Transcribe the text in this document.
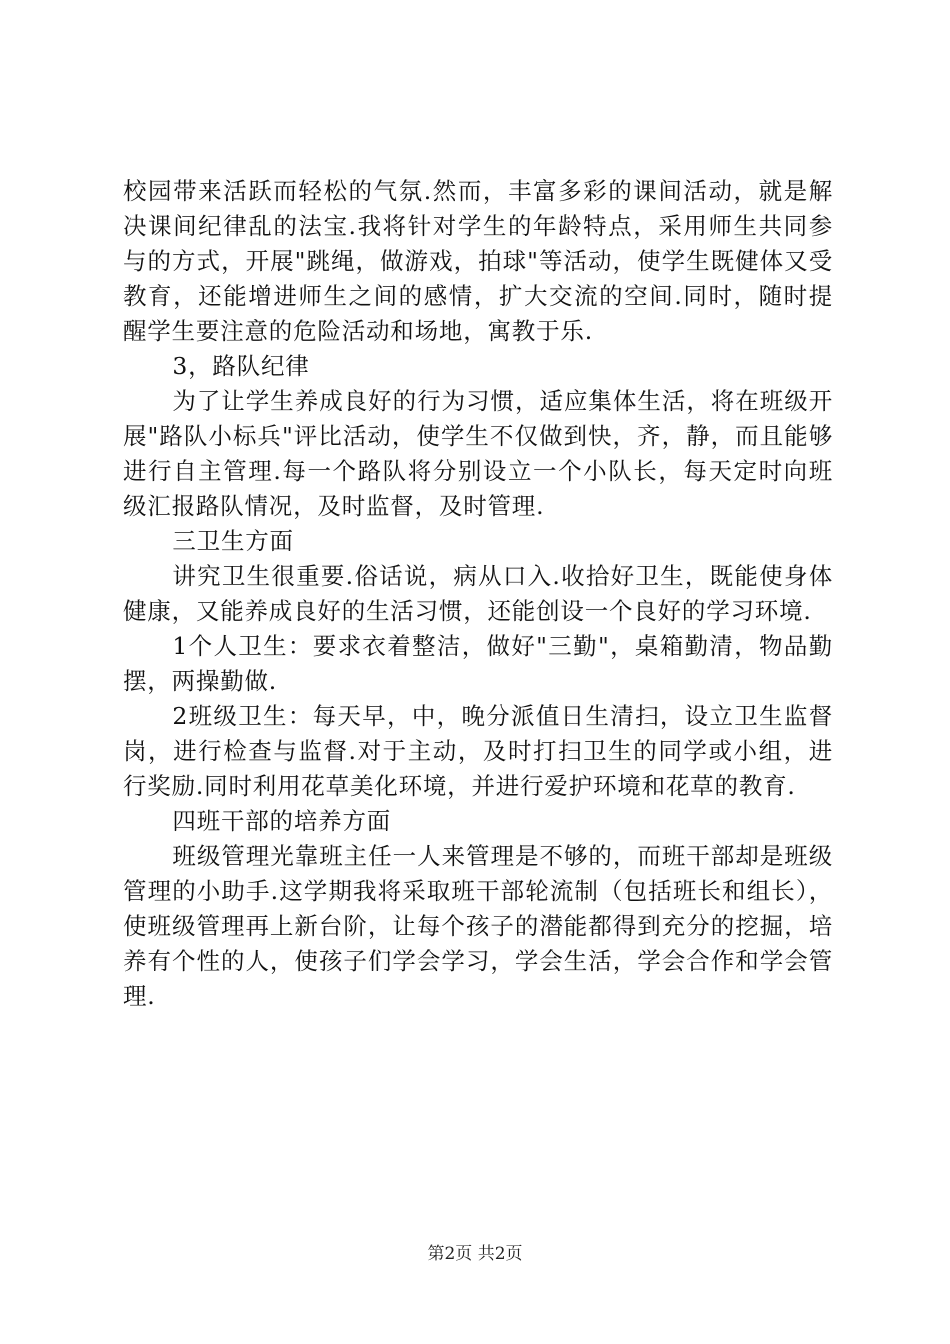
校园带来活跃而轻松的气氛.然而，丰富多彩的课间活动，就是解决课间纪律乱的法宝.我将针对学生的年龄特点，采用师生共同参与的方式，开展"跳绳，做游戏，拍球"等活动，使学生既健体又受教育，还能增进师生之间的感情，扩大交流的空间.同时，随时提醒学生要注意的危险活动和场地，寓教于乐.

3，路队纪律

为了让学生养成良好的行为习惯，适应集体生活，将在班级开展"路队小标兵"评比活动，使学生不仅做到快，齐，静，而且能够进行自主管理.每一个路队将分别设立一个小队长，每天定时向班级汇报路队情况，及时监督，及时管理.

三卫生方面

讲究卫生很重要.俗话说，病从口入.收拾好卫生，既能使身体健康，又能养成良好的生活习惯，还能创设一个良好的学习环境.

1个人卫生：要求衣着整洁，做好"三勤"，桌箱勤清，物品勤摆，两操勤做.

2班级卫生：每天早，中，晚分派值日生清扫，设立卫生监督岗，进行检查与监督.对于主动，及时打扫卫生的同学或小组，进行奖励.同时利用花草美化环境，并进行爱护环境和花草的教育.

四班干部的培养方面

班级管理光靠班主任一人来管理是不够的，而班干部却是班级管理的小助手.这学期我将采取班干部轮流制（包括班长和组长），使班级管理再上新台阶，让每个孩子的潜能都得到充分的挖掘，培养有个性的人，使孩子们学会学习，学会生活，学会合作和学会管理.

第2页 共2页
